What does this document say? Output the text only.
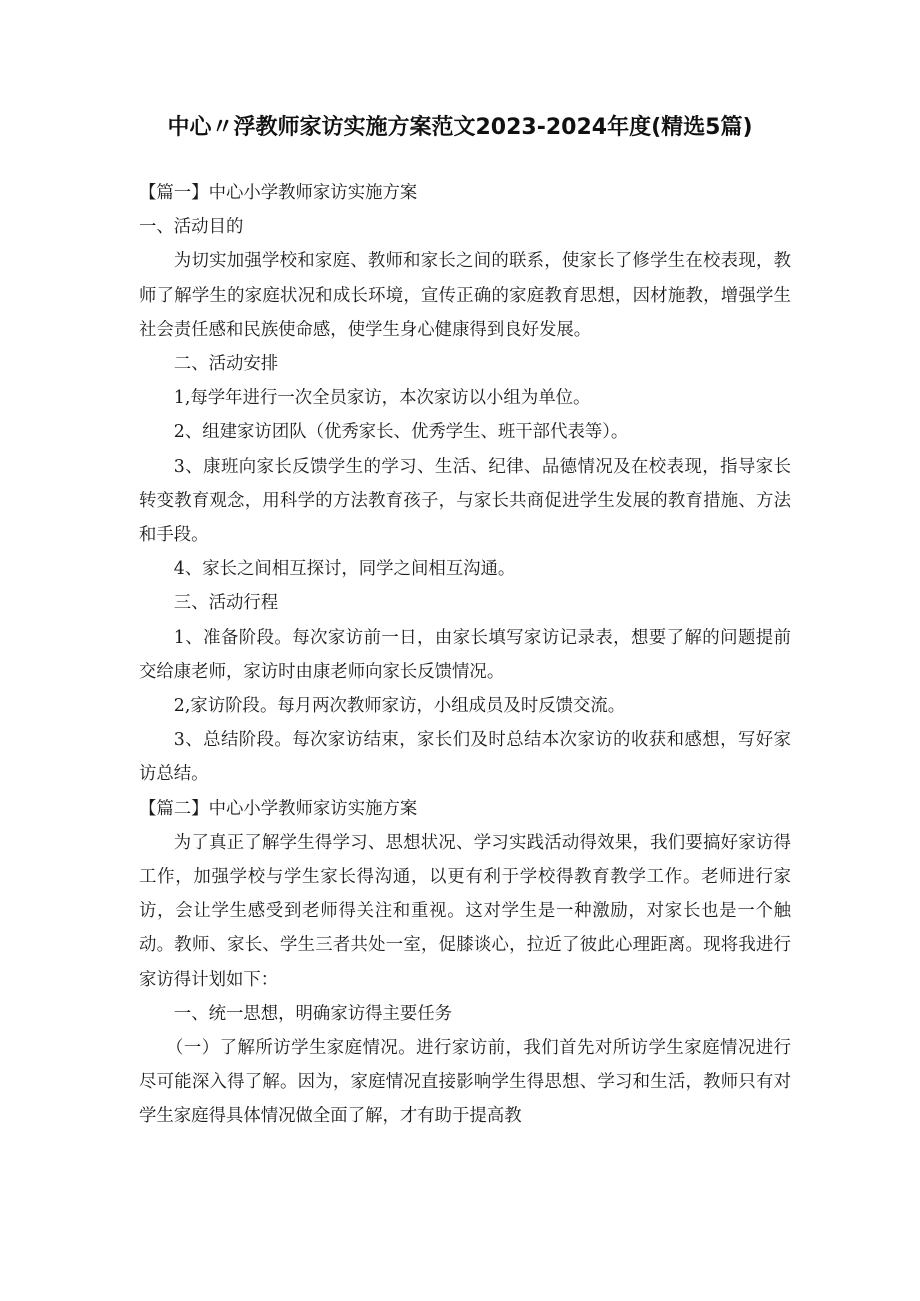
中心〃浮教师家访实施方案范文2023-2024年度(精选5篇)

【篇一】中心小学教师家访实施方案

一、活动目的

为切实加强学校和家庭、教师和家长之间的联系，使家长了修学生在校表现，教师了解学生的家庭状况和成长环境，宣传正确的家庭教育思想，因材施教，增强学生社会责任感和民族使命感，使学生身心健康得到良好发展。

二、活动安排

1,每学年进行一次全员家访，本次家访以小组为单位。

2、组建家访团队（优秀家长、优秀学生、班干部代表等）。

3、康班向家长反馈学生的学习、生活、纪律、品德情况及在校表现，指导家长转变教育观念，用科学的方法教育孩子，与家长共商促进学生发展的教育措施、方法和手段。

4、家长之间相互探讨，同学之间相互沟通。

三、活动行程

1、准备阶段。每次家访前一日，由家长填写家访记录表，想要了解的问题提前交给康老师，家访时由康老师向家长反馈情况。

2,家访阶段。每月两次教师家访，小组成员及时反馈交流。

3、总结阶段。每次家访结束，家长们及时总结本次家访的收获和感想，写好家访总结。

【篇二】中心小学教师家访实施方案

为了真正了解学生得学习、思想状况、学习实践活动得效果，我们要搞好家访得工作，加强学校与学生家长得沟通，以更有利于学校得教育教学工作。老师进行家访，会让学生感受到老师得关注和重视。这对学生是一种激励，对家长也是一个触动。教师、家长、学生三者共处一室，促膝谈心，拉近了彼此心理距离。现将我进行家访得计划如下：

一、统一思想，明确家访得主要任务

（一）了解所访学生家庭情况。进行家访前，我们首先对所访学生家庭情况进行尽可能深入得了解。因为，家庭情况直接影响学生得思想、学习和生活，教师只有对学生家庭得具体情况做全面了解，才有助于提高教
